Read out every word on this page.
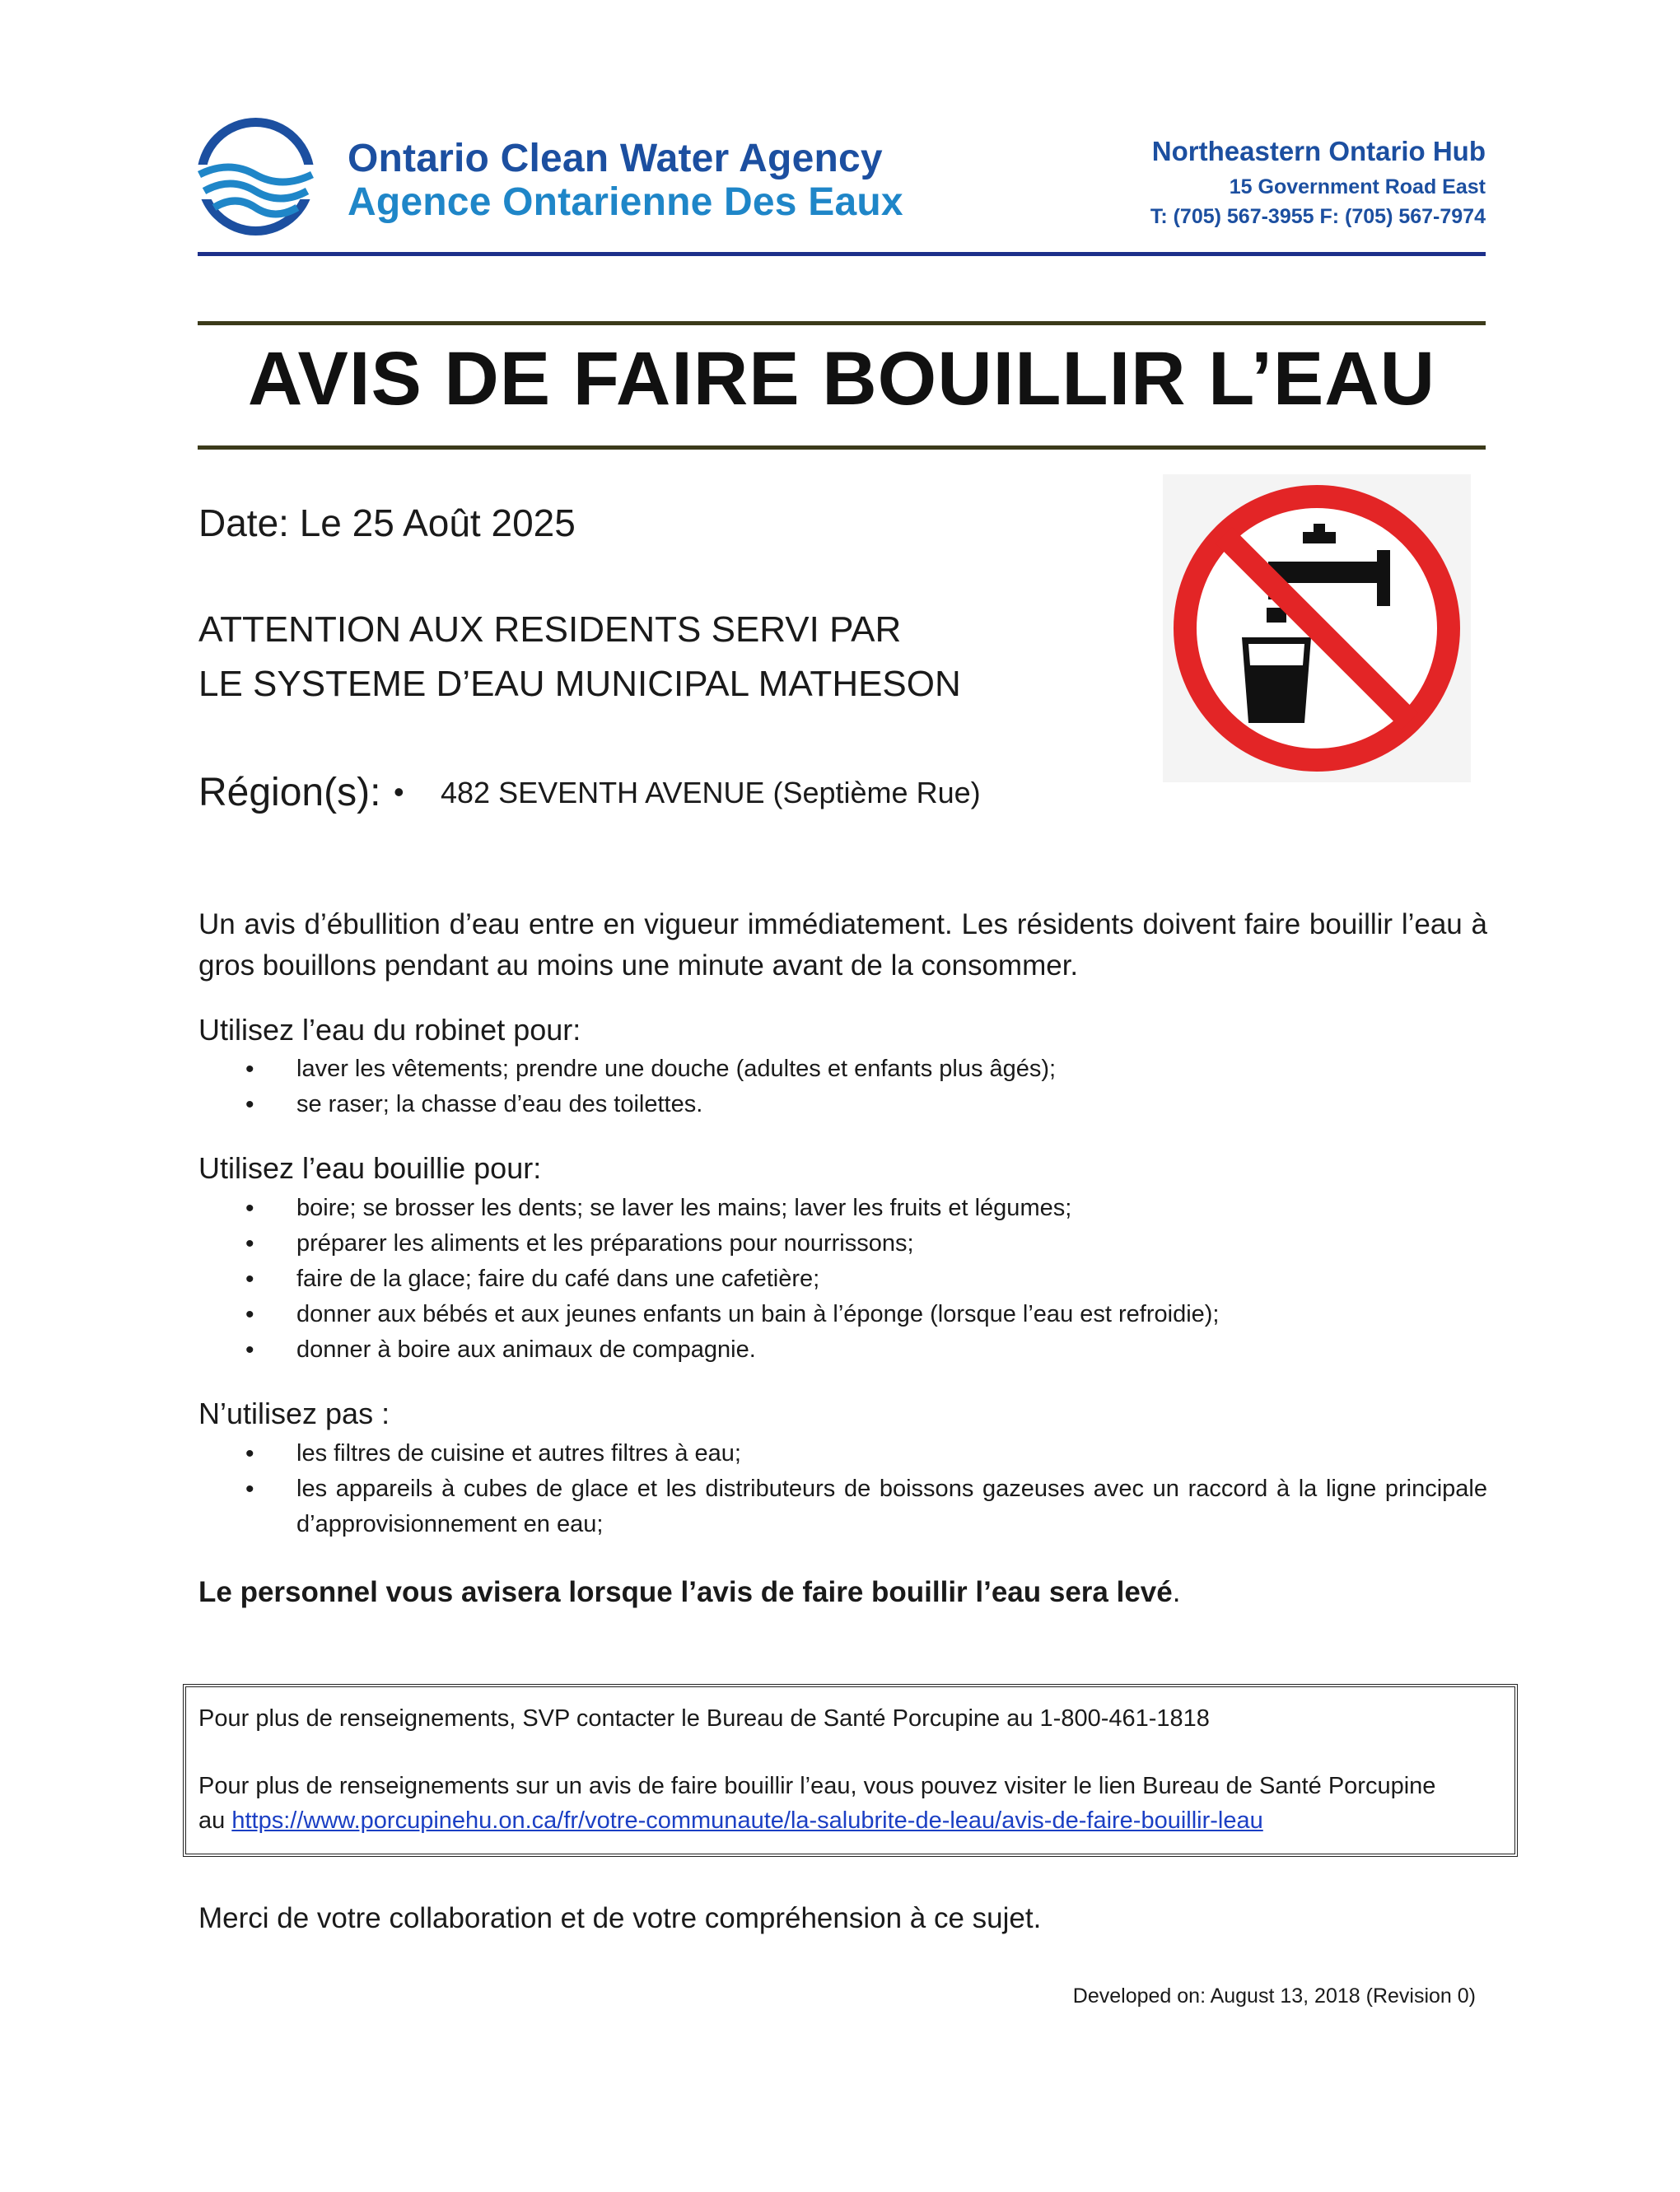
Ontario Clean Water Agency
Agence Ontarienne Des Eaux
Northeastern Ontario Hub
15 Government Road East
T: (705) 567-3955 F: (705) 567-7974
AVIS DE FAIRE BOUILLIR L’EAU
Date: Le 25 Août 2025
ATTENTION AUX RESIDENTS SERVI PAR
LE SYSTEME D’EAU MUNICIPAL MATHESON
Région(s): • 482 SEVENTH AVENUE (Septième Rue)
Un avis d’ébullition d’eau entre en vigueur immédiatement. Les résidents doivent faire bouillir l’eau à gros bouillons pendant au moins une minute avant de la consommer.
Utilisez l’eau du robinet pour:
• laver les vêtements; prendre une douche (adultes et enfants plus âgés);
• se raser; la chasse d’eau des toilettes.
Utilisez l’eau bouillie pour:
• boire; se brosser les dents; se laver les mains; laver les fruits et légumes;
• préparer les aliments et les préparations pour nourrissons;
• faire de la glace; faire du café dans une cafetière;
• donner aux bébés et aux jeunes enfants un bain à l’éponge (lorsque l’eau est refroidie);
• donner à boire aux animaux de compagnie.
N’utilisez pas :
• les filtres de cuisine et autres filtres à eau;
• les appareils à cubes de glace et les distributeurs de boissons gazeuses avec un raccord à la ligne principale d’approvisionnement en eau;
Le personnel vous avisera lorsque l’avis de faire bouillir l’eau sera levé.
Pour plus de renseignements, SVP contacter le Bureau de Santé Porcupine au 1-800-461-1818
Pour plus de renseignements sur un avis de faire bouillir l’eau, vous pouvez visiter le lien Bureau de Santé Porcupine
au https://www.porcupinehu.on.ca/fr/votre-communaute/la-salubrite-de-leau/avis-de-faire-bouillir-leau
Merci de votre collaboration et de votre compréhension à ce sujet.
Developed on: August 13, 2018 (Revision 0)
